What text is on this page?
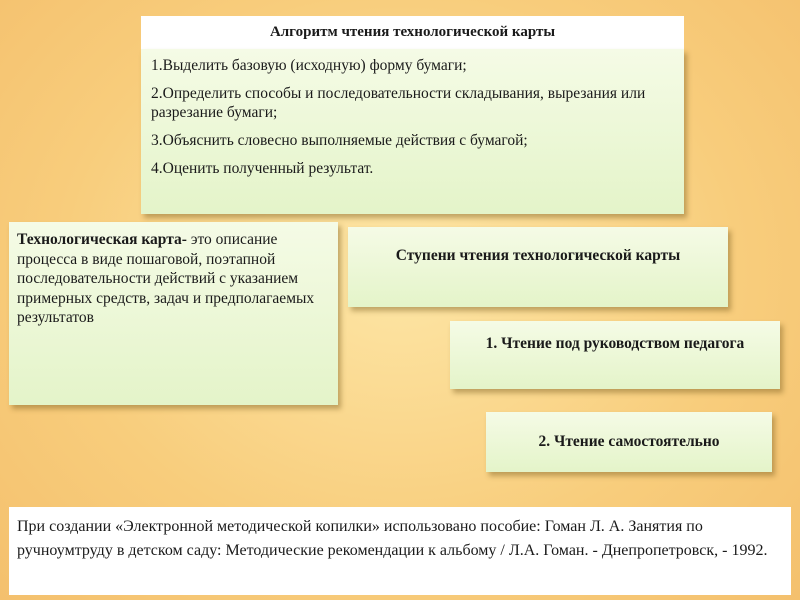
Алгоритм чтения технологической карты
1.Выделить базовую (исходную) форму бумаги;
2.Определить способы и последовательности складывания, вырезания или разрезание бумаги;
3.Объяснить словесно выполняемые действия с бумагой;
4.Оценить полученный результат.
Технологическая карта- это описание процесса в виде пошаговой, поэтапной последовательности действий с указанием примерных средств, задач и предполагаемых результатов
Ступени чтения технологической карты
1. Чтение под руководством педагога
2. Чтение самостоятельно
При создании «Электронной методической копилки» использовано пособие: Гоман Л. А. Занятия по ручноумтруду в детском саду: Методические рекомендации к альбому / Л.А. Гоман. - Днепропетровск, - 1992.
